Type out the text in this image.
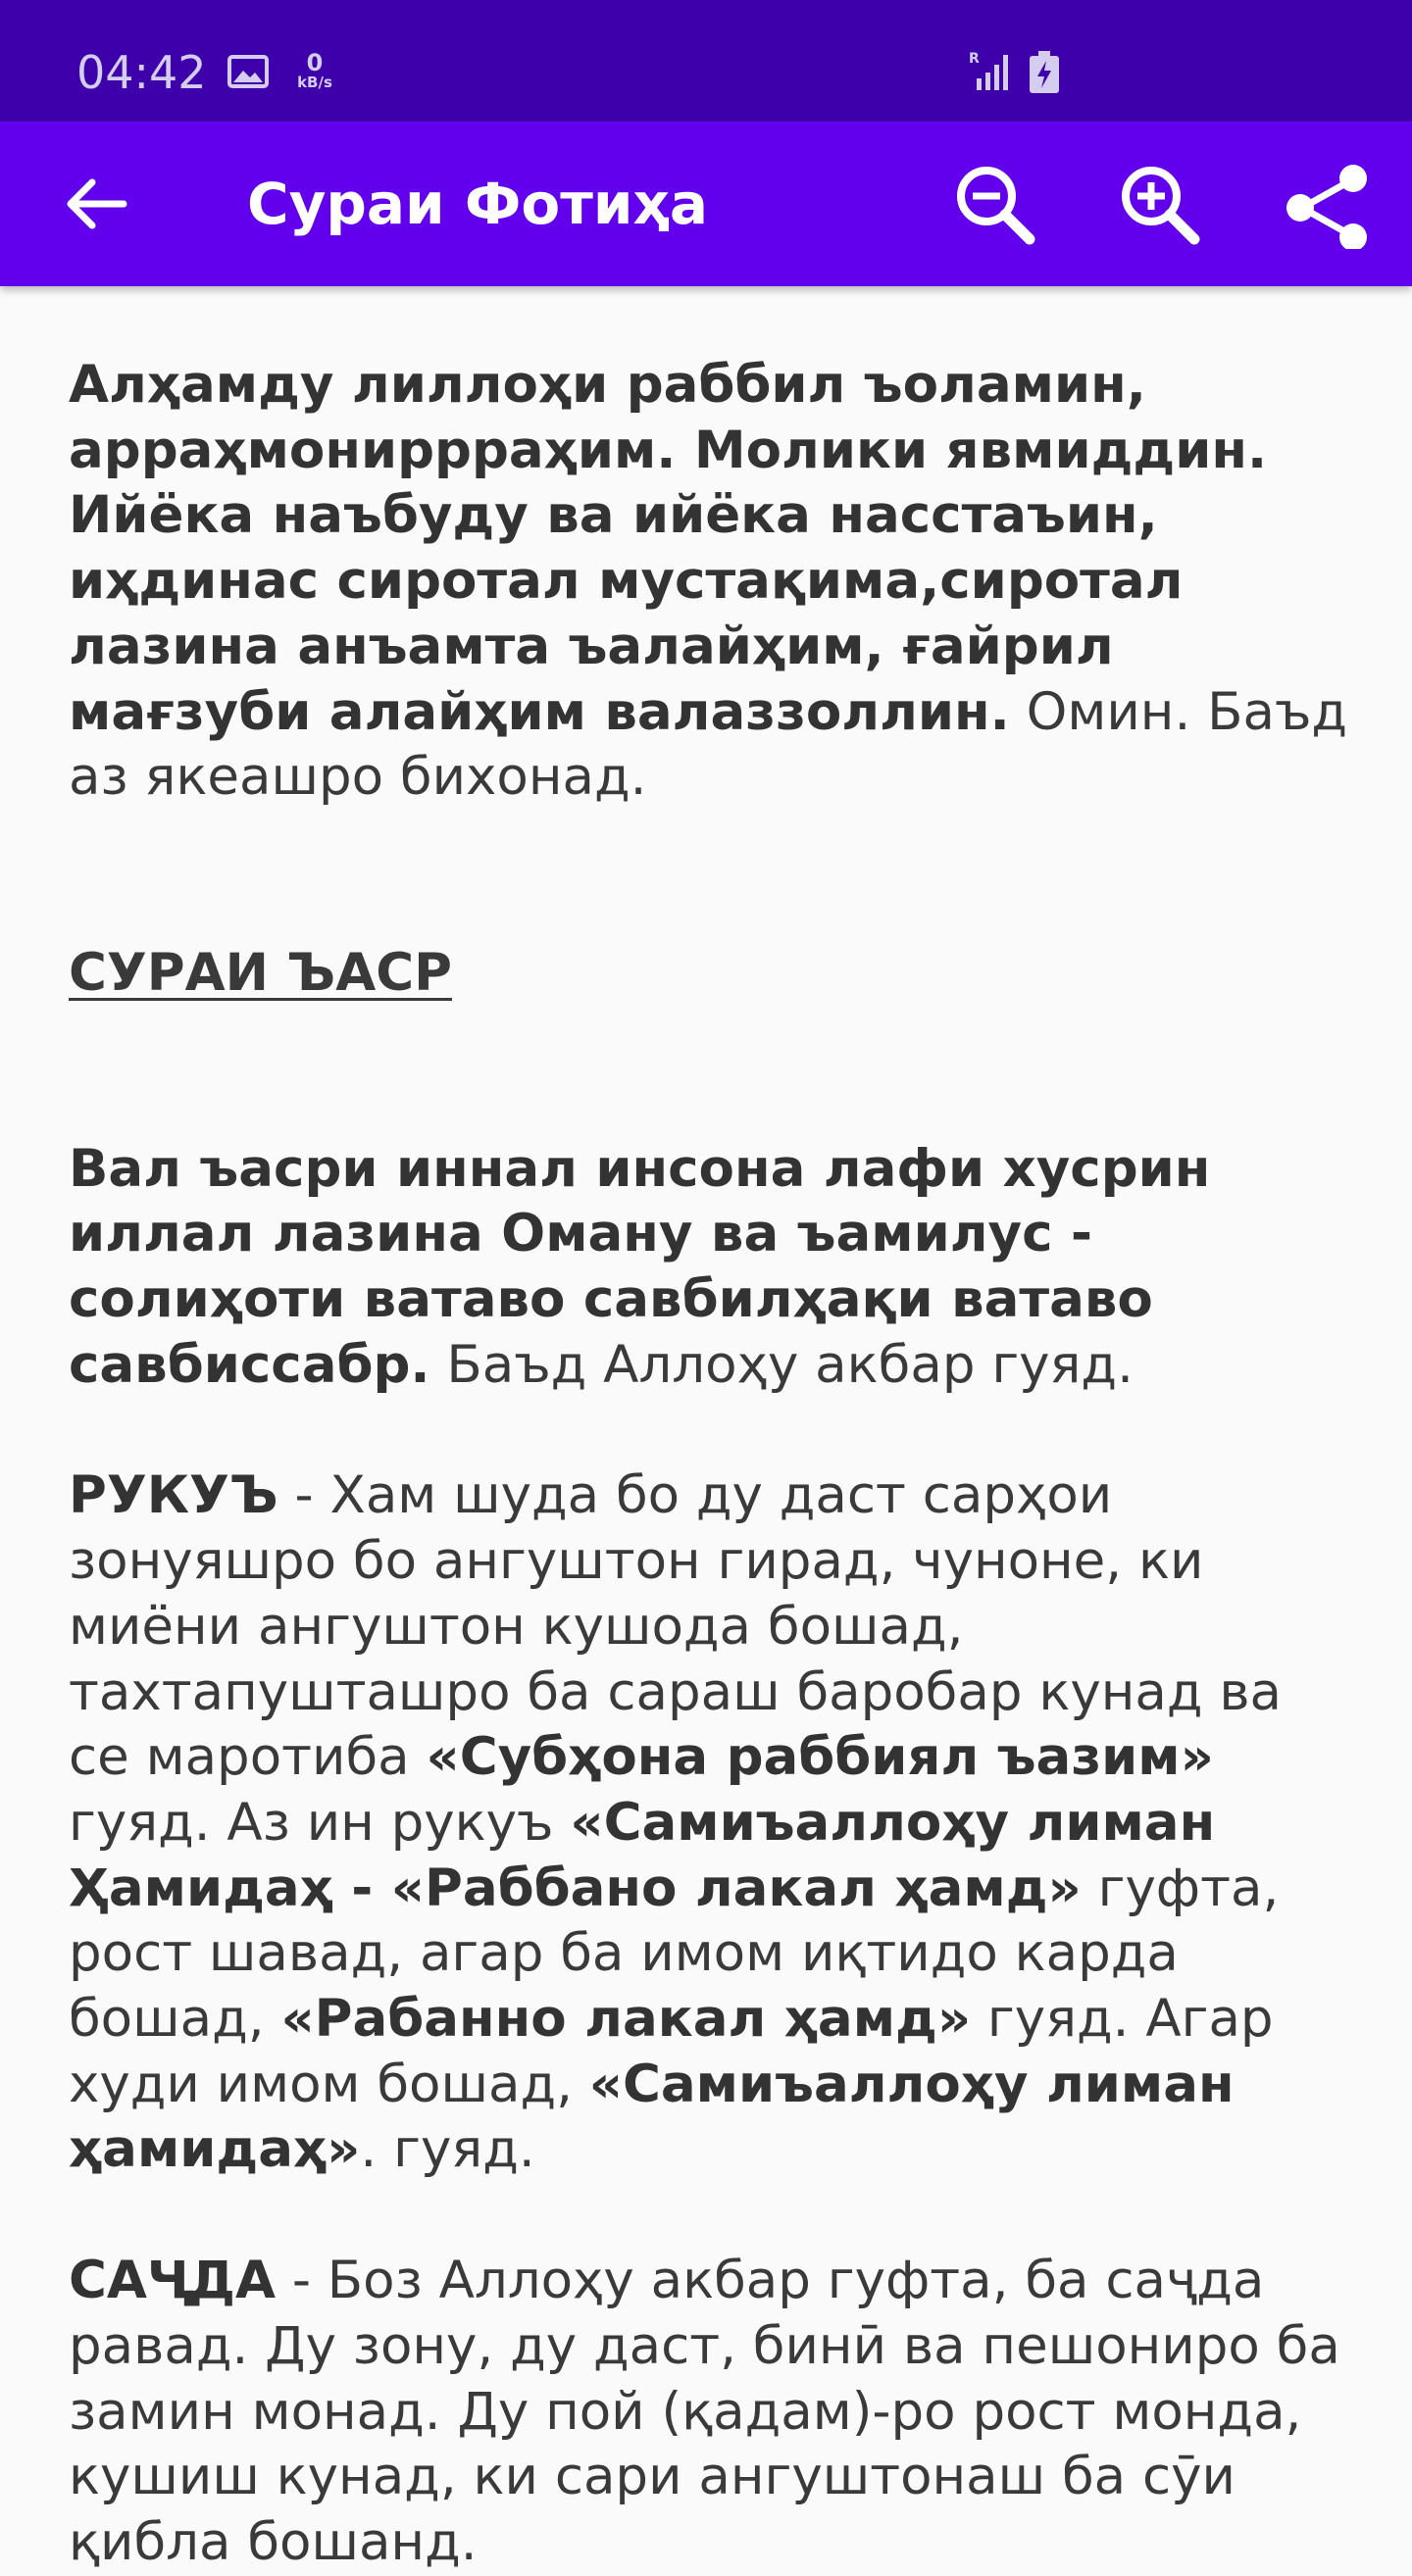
04:42	0
kB/s
R
Сураи Фотиҳа

Алҳамду лиллоҳи раббил ъоламин, арраҳмониррраҳим. Молики явмиддин. Ийёка наъбуду ва ийёка насстаъин, иҳдинас сиротал мустақима,сиротал лазина анъамта ъалайҳим, ғайрил мағзуби алайҳим валаззоллин. Омин. Баъд аз якеашро бихонад.

СУРАИ ЪАСР

Вал ъасри иннал инсона лафи хусрин иллал лазина Оману ва ъамилус - солиҳоти ватаво савбилҳақи ватаво савбиссабр. Баъд Аллоҳу акбар гуяд.

РУКУЪ - Хам шуда бо ду даст сарҳои зонуяшро бо ангуштон гирад, чуноне, ки миёни ангуштон кушода бошад, тахтапушташро ба сараш баробар кунад ва се маротиба «Субҳона раббиял ъазим» гуяд. Аз ин рукуъ «Самиъаллоҳу лиман Ҳамидаҳ - «Раббано лакал ҳамд» гуфта, рост шавад, агар ба имом иқтидо карда бошад, «Рабанно лакал ҳамд» гуяд. Агар худи имом бошад, «Самиъаллоҳу лиман ҳамидаҳ». гуяд.

САҶДА - Боз Аллоҳу акбар гуфта, ба саҷда равад. Ду зону, ду даст, бинӣ ва пешониро ба замин монад. Ду пой (қадам)-ро рост монда, кушиш кунад, ки сари ангуштонаш ба сӯи қибла бошанд.
